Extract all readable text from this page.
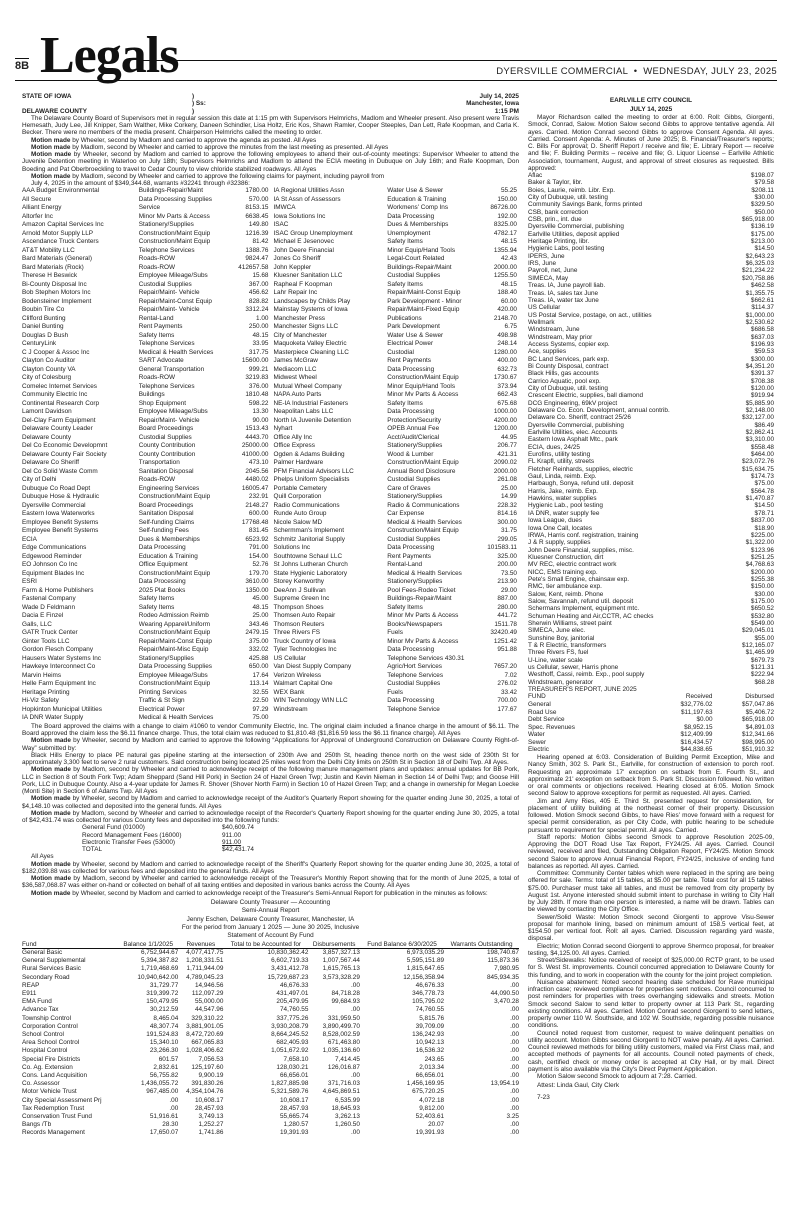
8B Legals	DYERSVILLE COMMERCIAL • WEDNESDAY, JULY 23, 2025
STATE OF IOWA	)	July 14, 2025
) Ss:	Manchester, Iowa
DELAWARE COUNTY	)	1:15 PM

The Delaware County Board of Supervisors met in regular session this date at 1:15 pm with Supervisors Helmrichs, Madlom and Wheeler present. Also present were Travis Hemesath, Judy Lee, Jill Knipper, Sam Walther, Mike Corkery, Daneen Schindler, Lisa Holtz, Eric Kos, Shawn Ramler, Cooper Steeples, Dan Lett, Rafe Koopman, and Carla K. Becker. There were no members of the media present. Chairperson Helmrichs called the meeting to order.

Motion made by Wheeler, second by Madlom and carried to approve the agenda as posted. All Ayes

Motion made by Madlom, second by Wheeler and carried to approve the minutes from the last meeting as presented. All Ayes

Motion made by Wheeler, second by Madlom and carried to approve the following employees to attend their out-of-county meetings: Supervisor Wheeler to attend the Juvenile Detention meeting in Waterloo on July 18th; Supervisors Helmrichs and Madlom to attend the ECIA meeting in Dubuque on July 16th; and Rafe Koopman, Don Boeding and Pat Oberbroeckling to travel to Cedar County to view chloride stabilized roadways. All Ayes

Motion made by Madlom, second by Wheeler and carried to approve the following claims for payment, including payroll from

July 4, 2025 in the amount of $349,344.68, warrants #32241 through #32386:

AAA Budget Environmental	Buildings-Repair/Maint	1780.00
All Secure	Data Processing Supplies	570.00
Alliant Energy	Service	8153.15
Altorfer Inc	Minor Mv Parts & Access	6638.45
Amazon Capital Services Inc	Stationery/Supplies	149.80
Arnold Motor Supply LLP	Construction/Maint Equip	1216.39
Ascendance Truck Centers	Construction/Maint Equip	81.42
AT&T Mobility LLC	Telephone Services	1388.76
Bard Materials (General)	Roads-ROW	9824.47
Bard Materials (Rock)	Roads-ROW	412657.58
Therese H Beswick	Employee Mileage/Subs	15.68
Bi-County Disposal Inc	Custodial Supplies	367.00
Bob Stephen Motors Inc	Repair/Maint- Vehicle	456.62
Bodensteiner Implement	Repair/Maint-Const Equip	828.82
Boubin Tire Co	Repair/Maint- Vehicle	3312.24
Clifford Bunting	Rental-Land	1.00
Daniel Bunting	Rent Payments	250.00
Douglas D Bush	Safety Items	48.15
CenturyLink	Telephone Services	33.95
C J Cooper & Assoc Inc	Medical & Health Services	317.75
Clayton Co Auditor	SART Advocate	15600.00
Clayton County VA	General Transportation	999.21
City of Colesburg	Roads-ROW	3219.83
Comelec Internet Services	Telephone Services	376.00
Community Electric Inc	Buildings	1810.48
Continental Research Corp	Shop Equipment	598.22
Lamont Davidson	Employee Mileage/Subs	13.30
Del-Clay Farm Equipment	Repair/Maint- Vehicle	90.00
Delaware County Leader	Board Proceedings	1513.43
Delaware County	Custodial Supplies	4443.70
Del Co Economic Developmnt	County Contribution	25000.00
Delaware County Fair Society	County Contribution	41000.00
Delaware Co Sheriff	Transportation	473.10
Del Co Solid Waste Comm	Sanitation Disposal	2045.56
City of Delhi	Roads-ROW	4480.02
Dubuque Co Road Dept	Engineering Services	16005.47
Dubuque Hose & Hydraulic	Construction/Maint Equip	232.91
Dyersville Commercial	Board Proceedings	2148.27
Eastern Iowa Waterworks	Sanitation Disposal	600.00
Employee Benefit Systems	Self-funding Claims	17768.48
Employee Benefit Systems	Self-funding Fees	831.45
ECIA	Dues & Memberships	6523.92
Edge Communications	Data Processing	791.00
Edgewood Reminder	Education & Training	154.00
EO Johnson Co Inc	Office Equipment	52.76
Equipment Blades Inc	Construction/Maint Equip	179.70
ESRI	Data Processing	3610.00
Farm & Home Publishers	2025 Plat Books	1350.00
Fastenal Company	Safety Items	45.00
Wade D Feldmann	Safety Items	48.15
Dacia E Finzel	Rodeo Admission Reimb	25.00
Galls, LLC	Wearing Apparel/Uniform	343.46
GATR Truck Center	Construction/Maint Equip	2479.15
Ginter Tools LLC	Repair/Maint-Const Equip	375.00
Gordon Flesch Company	Repair/Maint-Misc Equip	332.02
Hausers Water Systems Inc	Stationery/Supplies	425.88
Hawkeye Interconnect Co	Data Processing Supplies	650.00
Marvin Heims	Employee Mileage/Subs	17.64
Helle Farm Equipment Inc	Construction/Maint Equip	113.14
Heritage Printing	Printing Services	32.55
Hi-Viz Safety	Traffic & St Sign	22.50
Hopkinton Municipal Utilities	Electrical Power	97.29
IA DNR Water Supply	Medical & Health Services	75.00
IA Regional Utilities Assn	Water Use & Sewer	55.25
IA St Assn of Assessors	Education & Training	150.00
IMWCA	Workmens' Comp Ins	86726.00
Iowa Solutions Inc	Data Processing	192.00
ISAC	Dues & Memberships	8325.00
ISAC Group Unemployment	Unemployment	4782.17
Michael E Jesenovec	Safety Items	48.15
John Deere Financial	Minor Equip/Hand Tools	1355.94
Jones Co Sheriff	Legal-Court Related	42.43
John Keppler	Buildings-Repair/Maint	2000.00
Kluesner Sanitation LLC	Custodial Supplies	1255.50
Rapheal F Koopman	Safety Items	48.15
Lahr Repair Inc	Repair/Maint-Const Equip	188.40
Landscapes by Childs Play	Park Development - Minor	60.00
Mainstay Systems of Iowa	Repair/Maint-Fixed Equip	420.00
Manchester Press	Publications	2148.70
Manchester Signs LLC	Park Development	6.75
City of Manchester	Water Use & Sewer	498.98
Maquoketa Valley Electric	Electrical Power	248.14
Masterpiece Cleaning LLC	Custodial	1280.00
James McGraw	Rent Payments	400.00
Mediacom LLC	Data Processing	632.73
Midwest Wheel	Construction/Maint Equip	1730.67
Mutual Wheel Company	Minor Equip/Hand Tools	373.94
NAPA Auto Parts	Minor Mv Parts & Access	662.43
NE-IA Industrial Fasteners	Safety Items	675.68
Neapolitan Labs LLC	Data Processing	1000.00
North IA Juvenile Detention	Protection/Security	4200.00
Nyhart	OPEB Annual Fee	1200.00
Office Ally Inc	Acct/Audit/Clerical	44.95
Office Express	Stationery/Supplies	206.77
Ogden & Adams Building	Wood & Lumber	421.31
Palmer Hardware	Construction/Maint Equip	2090.02
PFM Financial Advisors LLC	Annual Bond Disclosure	2000.00
Phelps Uniform Specialists	Custodial Supplies	261.08
Portable Cemetery	Care of Graves	25.00
Quill Corporation	Stationery/Supplies	14.99
Radio Communications	Radio & Communications	228.32
Runde Auto Group	Car Expense	814.16
Nicole Salow MD	Medical & Health Services	300.00
Schermman's Implement	Construction/Maint Equip	31.75
Schmitz Janitorial Supply	Custodial Supplies	299.05
Solutions Inc	Data Processing	101583.11
Southtowne Schaul LLC	Rent Payments	325.00
St Johns Lutheran Church	Rental-Land	200.00
State Hygienic Laboratory	Medical & Health Services	73.50
Storey Kenworthy	Stationery/Supplies	213.90
DeeAnn J Sullivan	Pool Fees-Rodeo Ticket	29.00
Supreme Green Inc	Buildings-Repair/Maint	887.00
Thompson Shoes	Safety Items	280.00
Thomsen Auto Repair	Minor Mv Parts & Access	441.72
Thomson Reuters	Books/Newspapers	1511.78
Three Rivers FS	Fuels	32420.49
Truck Country of Iowa	Minor Mv Parts & Access	1251.42
Tyler Technologies Inc	Data Processing	951.88
US Cellular	Telephone Services 430.31
Van Diest Supply Company	Agric/Hort Services	7657.20
Verizon Wireless	Telephone Services	7.02
Walmart Capital One	Custodial Supplies	276.02
WEX Bank	Fuels	33.42
WIN Technology WIN LLC	Data Processing	700.00
Windstream	Telephone Service	177.67

The Board approved the claims with a change to claim #1060 to vendor Community Electric, Inc. The original claim included a finance charge in the amount of $6.11. The Board approved the claim less the $6.11 finance charge. Thus, the total claim was reduced to $1,810.48 ($1,816.59 less the $6.11 finance charge). All Ayes

Motion made by Wheeler, second by Madlom and carried to approve the following “Applications for Approval of Underground Construction on Delaware County Right-of-Way” submitted by:

Black Hills Energy to place PE natural gas pipeline starting at the intersection of 230th Ave and 250th St, heading thence north on the west side of 230th St for approximately 3,300 feet to serve 2 rural customers. Said construction being located 25 miles west from the Delhi City limits on 250th St in Section 18 of Delhi Twp. All Ayes.

Motion made by Madlom, second by Wheeler and carried to acknowledge receipt of the following manure management plans and updates: annual updates for BB Pork, LLC in Section 8 of South Fork Twp; Adam Sheppard (Sand Hill Pork) in Section 24 of Hazel Green Twp; Justin and Kevin Nieman in Section 14 of Delhi Twp; and Goose Hill Pork, LLC in Dubuque County. Also a 4-year update for James R. Shover (Shover North Farm) in Section 10 of Hazel Green Twp; and a change in ownership for Megan Loecke (Monti Site) in Section 6 of Adams Twp. All Ayes

Motion made by Wheeler, second by Madlom and carried to acknowledge receipt of the Auditor's Quarterly Report showing for the quarter ending June 30, 2025, a total of $4,148.10 was collected and deposited into the general funds. All Ayes

Motion made by Madlom, second by Wheeler and carried to acknowledge receipt of the Recorder's Quarterly Report showing for the quarter ending June 30, 2025, a total of $42,431.74 was collected for various County fees and deposited into the following funds:

General Fund (01000)	$40,609.74
Record Management Fees (16000)	911.00
Electronic Transfer Fees (53000)	911.00
TOTAL	$42,431.74
All Ayes

Motion made by Wheeler, second by Madlom and carried to acknowledge receipt of the Sheriff's Quarterly Report showing for the quarter ending June 30, 2025, a total of $182,039.88 was collected for various fees and deposited into the general funds. All Ayes

Motion made by Madlom, second by Wheeler and carried to acknowledge receipt of the Treasurer's Monthly Report showing that for the month of June 2025, a total of $36,587,068.87 was either on-hand or collected on behalf of all taxing entities and deposited in various banks across the County. All Ayes

Motion made by Wheeler, second by Madlom and carried to acknowledge receipt of the Treasurer's Semi-Annual Report for publication in the minutes as follows:

Delaware County Treasurer — Accounting
Semi-Annual Report
Jenny Eschen, Delaware County Treasurer, Manchester, IA
For the period from January 1 2025 — June 30 2025, Inclusive
Statement of Account By Fund
Fund	Balance 1/1/2025	Revenues	Total to be Accounted for	Disbursements	Fund Balance 6/30/2025	Warrants Outstanding
General Basic	6,752,944.67	4,077,417.75	10,830,362.42	3,857,327.13	6,973,035.29	198,740.67
General Supplemental	5,394,387.82	1,208,331.51	6,602,719.33	1,007,567.44	5,595,151.89	115,873.36
Rural Services Basic	1,719,468.69	1,711,944.09	3,431,412.78	1,615,765.13	1,815,647.65	7,980.95
Secondary Road	10,940,642.00	4,789,045.23	15,729,687.23	3,573,328.29	12,156,358.94	845,934.35
REAP	31,729.77	14,946.56	46,676.33	.00	46,676.33	.00
E911	319,399.72	112,097.29	431,497.01	84,718.28	346,778.73	44,090.50
EMA Fund	150,479.95	55,000.00	205,479.95	99,684.93	105,795.02	3,470.28
Advance Tax	30,212.59	44,547.96	74,760.55	.00	74,760.55	.00
Township Control	8,465.04	329,310.22	337,775.26	331,959.50	5,815.76	.00
Corporation Control	48,307.74	3,881,901.05	3,930,208.79	3,890,499.70	39,709.09	.00
School Control	191,524.83	8,472,720.69	8,664,245.52	8,528,002.59	136,242.93	.00
Area School Control	15,340.10	667,065.83	682,405.93	671,463.80	10,942.13	.00
Hospital Control	23,266.30	1,028,406.62	1,051,672.92	1,035,136.60	16,536.32	.00
Special Fire Districts	601.57	7,056.53	7,658.10	7,414.45	243.65	.00
Co. Ag. Extension	2,832.61	125,197.60	128,030.21	126,016.87	2,013.34	.00
Cons. Land Acquisition	56,755.82	9,900.19	66,656.01	.00	66,656.01	.00
Co. Assessor	1,436,055.72	391,830.26	1,827,885.98	371,716.03	1,456,169.95	13,954.19
Motor Vehicle Trust	967,485.00	4,354,104.76	5,321,589.76	4,645,869.51	675,720.25	.00
City Special Assessment Prj	.00	10,608.17	10,608.17	6,535.99	4,072.18	.00
Tax Redemption Trust	.00	28,457.93	28,457.93	18,645.93	9,812.00	.00
Conservation Trust Fund	51,916.61	3,749.13	55,665.74	3,262.13	52,403.61	3.25
Bangs /Tb	28.30	1,252.27	1,280.57	1,260.50	20.07	.00
Records Management	17,650.07	1,741.86	19,391.93	.00	19,391.93	.00
EARLVILLE CITY COUNCIL
JULY 14, 2025

Mayor Richardson called the meeting to order at 6:00. Roll: Gibbs, Giorgenti, Smock, Conrad, Salow. Motion Salow second Gibbs to approve tentative agenda. All ayes. Carried. Motion Conrad second Gibbs to approve Consent Agenda. All ayes. Carried. Consent Agenda: A. Minutes of June 2025; B. Financial/Treasurer's reports; C. Bills For approval; D. Sheriff Report / receive and file; E. Library Report — receive and file; F. Building Permits – receive and file; G. Liquor License – Earlville Athletic Association, tournament, August, and approval of street closures as requested. Bills approved:

Aflac	$198.07
Baker & Taylor, libr.	$79.58
Boies, Laurie, reimb. Libr. Exp.	$208.11
City of Dubuque, util. testing	$30.00
Community Savings Bank, forms printed	$329.50
CSB, bank correction	$50.00
CSB, prin., int. due	$65,918.00
Dyersville Commercial, publishing	$136.19
Earlville Utilities, deposit applied	$175.00
Heritage Printing, libr.	$213.00
Hygienic Labs, pool testing	$14.50
IPERS, June	$2,643.23
IRS, June	$6,325.03
Payroll, net, June	$21,234.22
SIMECA, May	$20,758.86
Treas. IA, June payroll liab.	$462.58
Treas. IA, sales tax June	$1,355.75
Treas. IA, water tax June	$662.61
US Cellular	$114.37
US Postal Service, postage, on act., utilities	$1,000.00
Wellmark	$2,530.62
Windstream, June	$686.58
Windstream, May prior	$637.03
Access Systems, copier exp.	$196.93
Ace, supplies	$59.53
BC Land Services, park exp.	$300.00
Bi County Disposal, contract	$4,351.20
Black Hills, gas accounts	$391.37
Carrico Aquatic, pool exp.	$708.38
City of Dubuque, util. testing	$120.00
Crescent Electric, supplies, ball diamond	$919.94
DCG Engineering, 69kV project	$5,885.90
Delaware Co. Econ. Development, annual contrib.	$2,148.00
Delaware Co. Sheriff, contract 25/26	$32,127.00
Dyersville Commercial, publishing	$86.49
Earlville Utilities, elec. Accounts	$2,862.41
Eastern Iowa Asphalt Mtc., park	$3,310.00
ECIA, dues, 24/25	$558.48
Eurofins, utility testing	$464.00
FL Krapfl, utility, streets	$23,072.76
Fletcher Reinhards, supplies, electric	$15,634.75
Gaul, Linda, reimb. Exp.	$174.73
Harbaugh, Sonya, refund util. deposit	$75.00
Harris, Jake, reimb. Exp.	$564.78
Hawkins, water supplies	$1,470.87
Hygienic Lab., pool testing	$14.50
IA DNR, water supply fee	$78.71
Iowa League, dues	$837.00
Iowa One Call, locates	$18.90
IRWA, Harris conf. registration, training	$225.00
J & R supply, supplies	$1,322.00
John Deere Financial, supplies, misc.	$123.96
Kluesner Construction, dirt	$251.25
MV REC, electric contract work	$4,768.63
NICC, EMS training exp.	$200.00
Pete's Small Engine, chainsaw exp.	$255.38
RMC, tier ambulance exp.	$150.00
Salow, Kent, reimb. Phone	$30.00
Salow, Savannah, refund util. deposit	$175.00
Schermans Implement, equipment mtc.	$650.52
Schuman Heating and Air,CCTR, AC checks	$532.80
Sherwin Williams, street paint	$549.00
SIMECA, June elec.	$29,045.01
Sunshine Boy, janitorial	$55.00
T & R Electric, transformers	$12,165.07
Three Rivers FS, fuel	$1,465.99
U-Line, water scale	$679.73
us Cellular, sewer, Harris phone	$121.31
Westhoff, Cassi, reimb. Exp., pool supply	$222.94
Windstream, generator	$68.28
TREASURER'S REPORT, JUNE 2025
FUND	Received	Disbursed
General	$32,776.02	$57,047.86
Road Use	$11,197.63	$5,406.72
Debt Service	$0.00	$65,918.00
Spec. Revenues	$8,952.15	$4,891.03
Water	$12,409.99	$12,341.66
Sewer	$16,434.57	$98,995.00
Electric	$44,838.65	$51,910.32

Hearing opened at 6:03. Consideration of Building Permit Exception, Mike and Nancy Smith, 302 S. Park St., Earlville, for construction of extension to porch roof. Requesting an approximate 17' exception on setback from E. Fourth St., and approximate 21' exception on setback from S. Park St. Discussion followed. No written or oral comments or objections received. Hearing closed at 6:05. Motion Smock second Salow to approve exceptions for permit as requested. All ayes. Carried.

Jim and Amy Ries, 405 E. Third St. presented request for consideration, for placement of utility building at the northeast corner of their property. Discussion followed. Motion Smock second Gibbs, to have Ries' move forward with a request for special permit consideration, as per City Code, with public hearing to be schedule pursuant to requirement for special permit. All ayes. Carried.

Staff reports: Motion Gibbs second Smock to approve Resolution 2025-09, Approving the DOT Road Use Tax Report, FY24/25. All ayes. Carried. Council reviewed, received and filed, Outstanding Obligation Report, FY24/25. Motion Smock second Salow to approve Annual Financial Report, FY24/25, inclusive of ending fund balances as reported. All ayes. Carried.

Committee: Community Center tables which were replaced in the spring are being offered for sale. Terms: total of 15 tables, at $5.00 per table. Total cost for all 15 tables $75.00. Purchaser must take all tables, and must be removed from city property by August 1st. Anyone interested should submit intent to purchase in writing to City Hall by July 28th. If more than one person is interested, a name will be drawn. Tables can be viewed by contacting the City Office.

Sewer/Solid Waste: Motion Smock second Giorgenti to approve Visu-Sewer proposal for manhole lining, based on minimum amount of 158.5 vertical feet, at $154.50 per vertical foot. Roll: all ayes. Carried. Discussion regarding yard waste, disposal.

Electric; Motion Conrad second Giorgenti to approve Shermco proposal, for breaker testing, $4,125.00. All ayes. Carried.

Street/Sidewalks: Notice received of receipt of $25,000.00 RCTP grant, to be used for S. West St. improvements. Council concurred appreciation to Delaware County for this funding, and to work in cooperation with the county for the joint project completion.

Nuisance abatement: Noted second hearing date scheduled for Rave municipal infraction case; reviewed compliance for properties sent notices. Council concurred to post reminders for properties with trees overhanging sidewalks and streets. Motion Smock second Salow to send letter to property owner at 113 Park St., regarding existing conditions. All ayes. Carried. Motion Conrad second Giorgenti to send letters, property owner 110 W. Southside, and 102 W. Southside, regarding possible nuisance conditions.

Council noted request from customer, request to waive delinquent penalties on utility account. Motion Gibbs second Giorgenti to NOT waive penalty. All ayes. Carried. Council reviewed methods for billing utility customers, mailed via First Class mail, and accepted methods of payments for all accounts. Council noted payments of check, cash, certified check or money order is accepted at City Hall, or by mail. Direct payment is also available via the City's Direct Payment Application.

Motion Salow second Smock to adjourn at 7:28. Carried.

Attest: Linda Gaul, City Clerk
7-23
